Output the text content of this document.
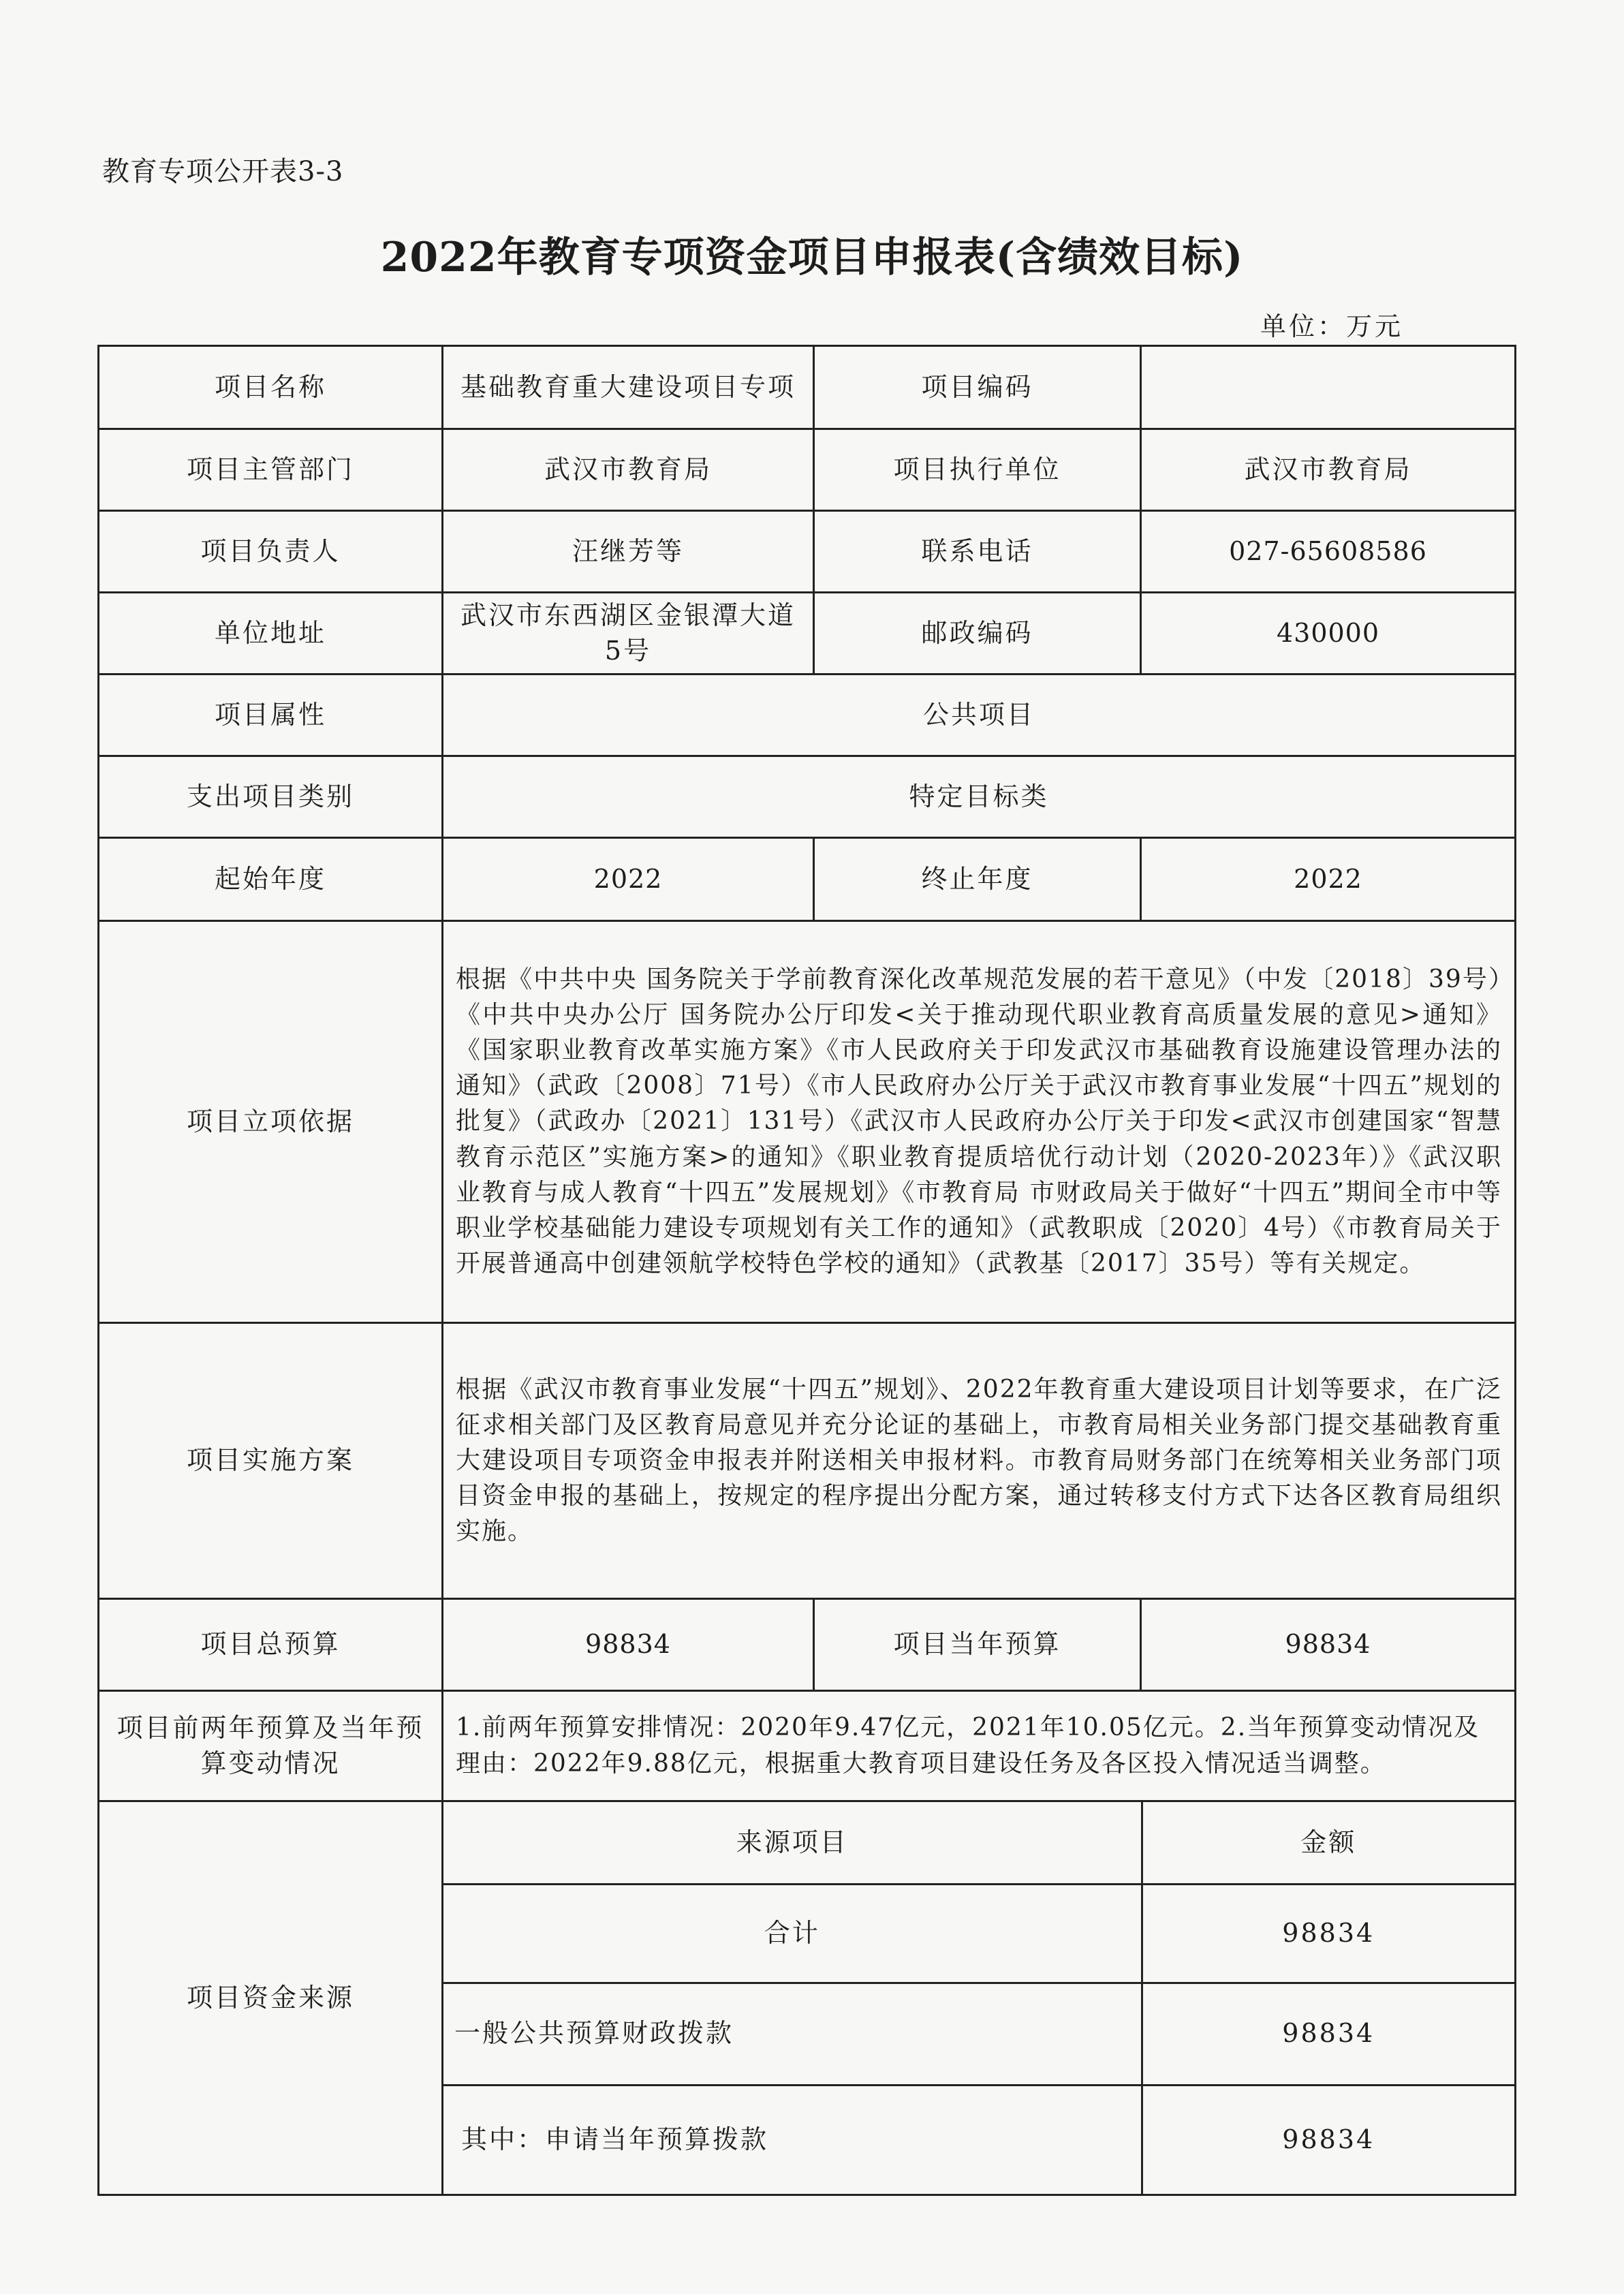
教育专项公开表3-3
2022年教育专项资金项目申报表(含绩效目标)
单位：万元
项目名称	基础教育重大建设项目专项	项目编码	
项目主管部门	武汉市教育局	项目执行单位	武汉市教育局
项目负责人	汪继芳等	联系电话	027-65608586
单位地址	武汉市东西湖区金银潭大道5号	邮政编码	430000
项目属性	公共项目
支出项目类别	特定目标类
起始年度	2022	终止年度	2022
项目立项依据	根据《中共中央 国务院关于学前教育深化改革规范发展的若干意见》（中发〔2018〕39号）《中共中央办公厅 国务院办公厅印发<关于推动现代职业教育高质量发展的意见>通知》《国家职业教育改革实施方案》《市人民政府关于印发武汉市基础教育设施建设管理办法的通知》（武政〔2008〕71号）《市人民政府办公厅关于武汉市教育事业发展“十四五”规划的批复》（武政办〔2021〕131号）《武汉市人民政府办公厅关于印发<武汉市创建国家“智慧教育示范区”实施方案>的通知》《职业教育提质培优行动计划（2020-2023年）》《武汉职业教育与成人教育“十四五”发展规划》《市教育局 市财政局关于做好“十四五”期间全市中等职业学校基础能力建设专项规划有关工作的通知》（武教职成〔2020〕4号）《市教育局关于开展普通高中创建领航学校特色学校的通知》（武教基〔2017〕35号）等有关规定。
项目实施方案	根据《武汉市教育事业发展“十四五”规划》、2022年教育重大建设项目计划等要求，在广泛征求相关部门及区教育局意见并充分论证的基础上，市教育局相关业务部门提交基础教育重大建设项目专项资金申报表并附送相关申报材料。市教育局财务部门在统筹相关业务部门项目资金申报的基础上，按规定的程序提出分配方案，通过转移支付方式下达各区教育局组织实施。
项目总预算	98834	项目当年预算	98834
项目前两年预算及当年预算变动情况	1.前两年预算安排情况：2020年9.47亿元，2021年10.05亿元。2.当年预算变动情况及理由：2022年9.88亿元，根据重大教育项目建设任务及各区投入情况适当调整。
项目资金来源	
来源项目	金额
合计	98834
一般公共预算财政拨款	98834
其中：申请当年预算拨款	98834
